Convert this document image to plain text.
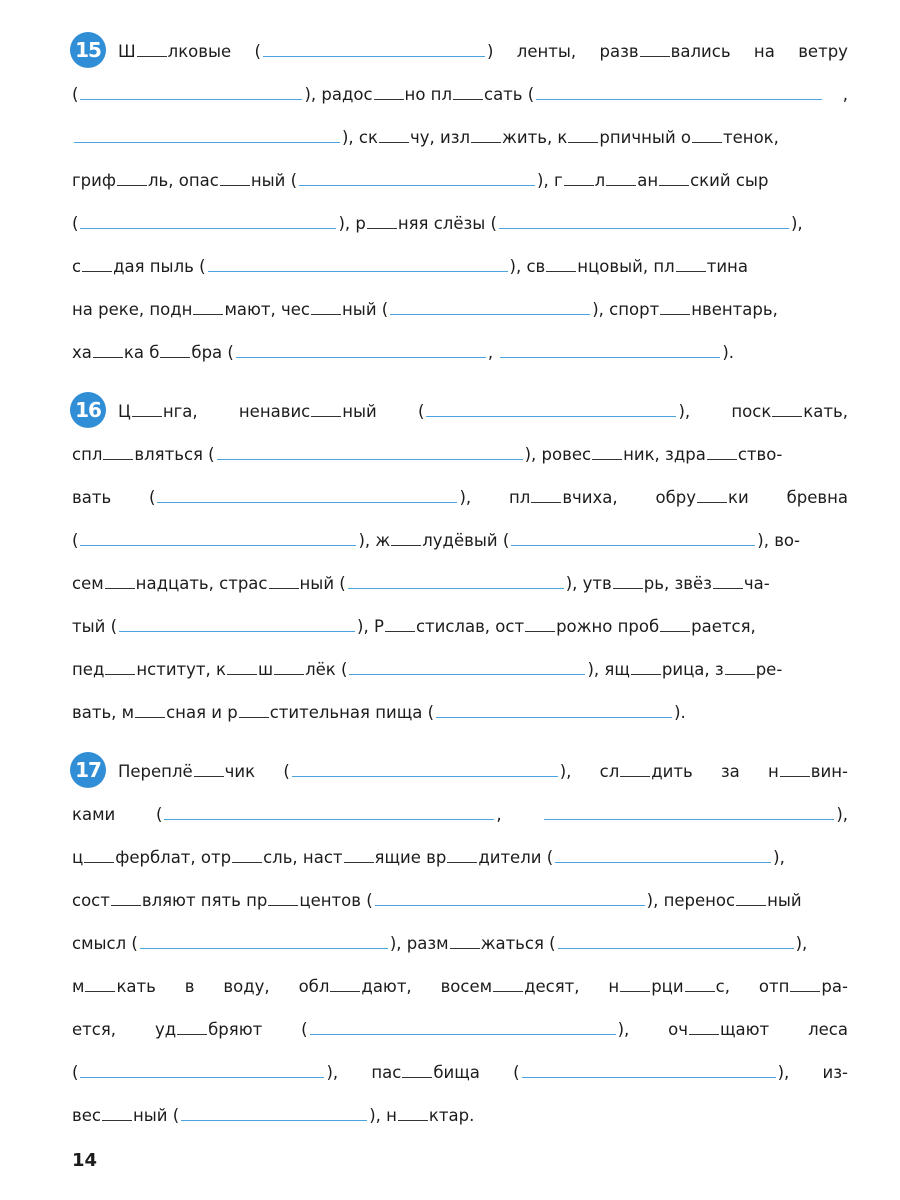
15	Ш лковые (	) ленты, разв вались на ветру
(	), радос но пл сать (	,
), ск чу, изл жить, к рпичный о тенок,
гриф ль, опас ный (	), г л ан ский сыр
(	), р няя слёзы (	),
с дая пыль (	), св нцовый, пл тина
на реке, подн мают, чес ный (	), спорт нвентарь,
ха ка б бра (	,	).
16	Ц нга, ненавис ный (	), поск кать,
спл вляться (	), ровес ник, здра ство-
вать (	), пл вчиха, обру ки бревна
(	), ж лудёвый (	), во-
сем надцать, страс ный (	), утв рь, звёз ча-
тый (	), Р стислав, ост рожно проб рается,
пед нститут, к ш лёк (	), ящ рица, з ре-
вать, м сная и р стительная пища (	).
17	Переплё чик (	), сл дить за н вин-
ками (	,	),
ц ферблат, отр сль, наст ящие вр дители (	),
сост вляют пять пр центов (	), перенос ный
смысл (	), разм жаться (	),
м кать в воду, обл дают, восем десят, н рци с, отп ра-
ется, уд бряют (	), оч щают леса
(	), пас бища (	), из-
вес ный (	), н ктар.
14
